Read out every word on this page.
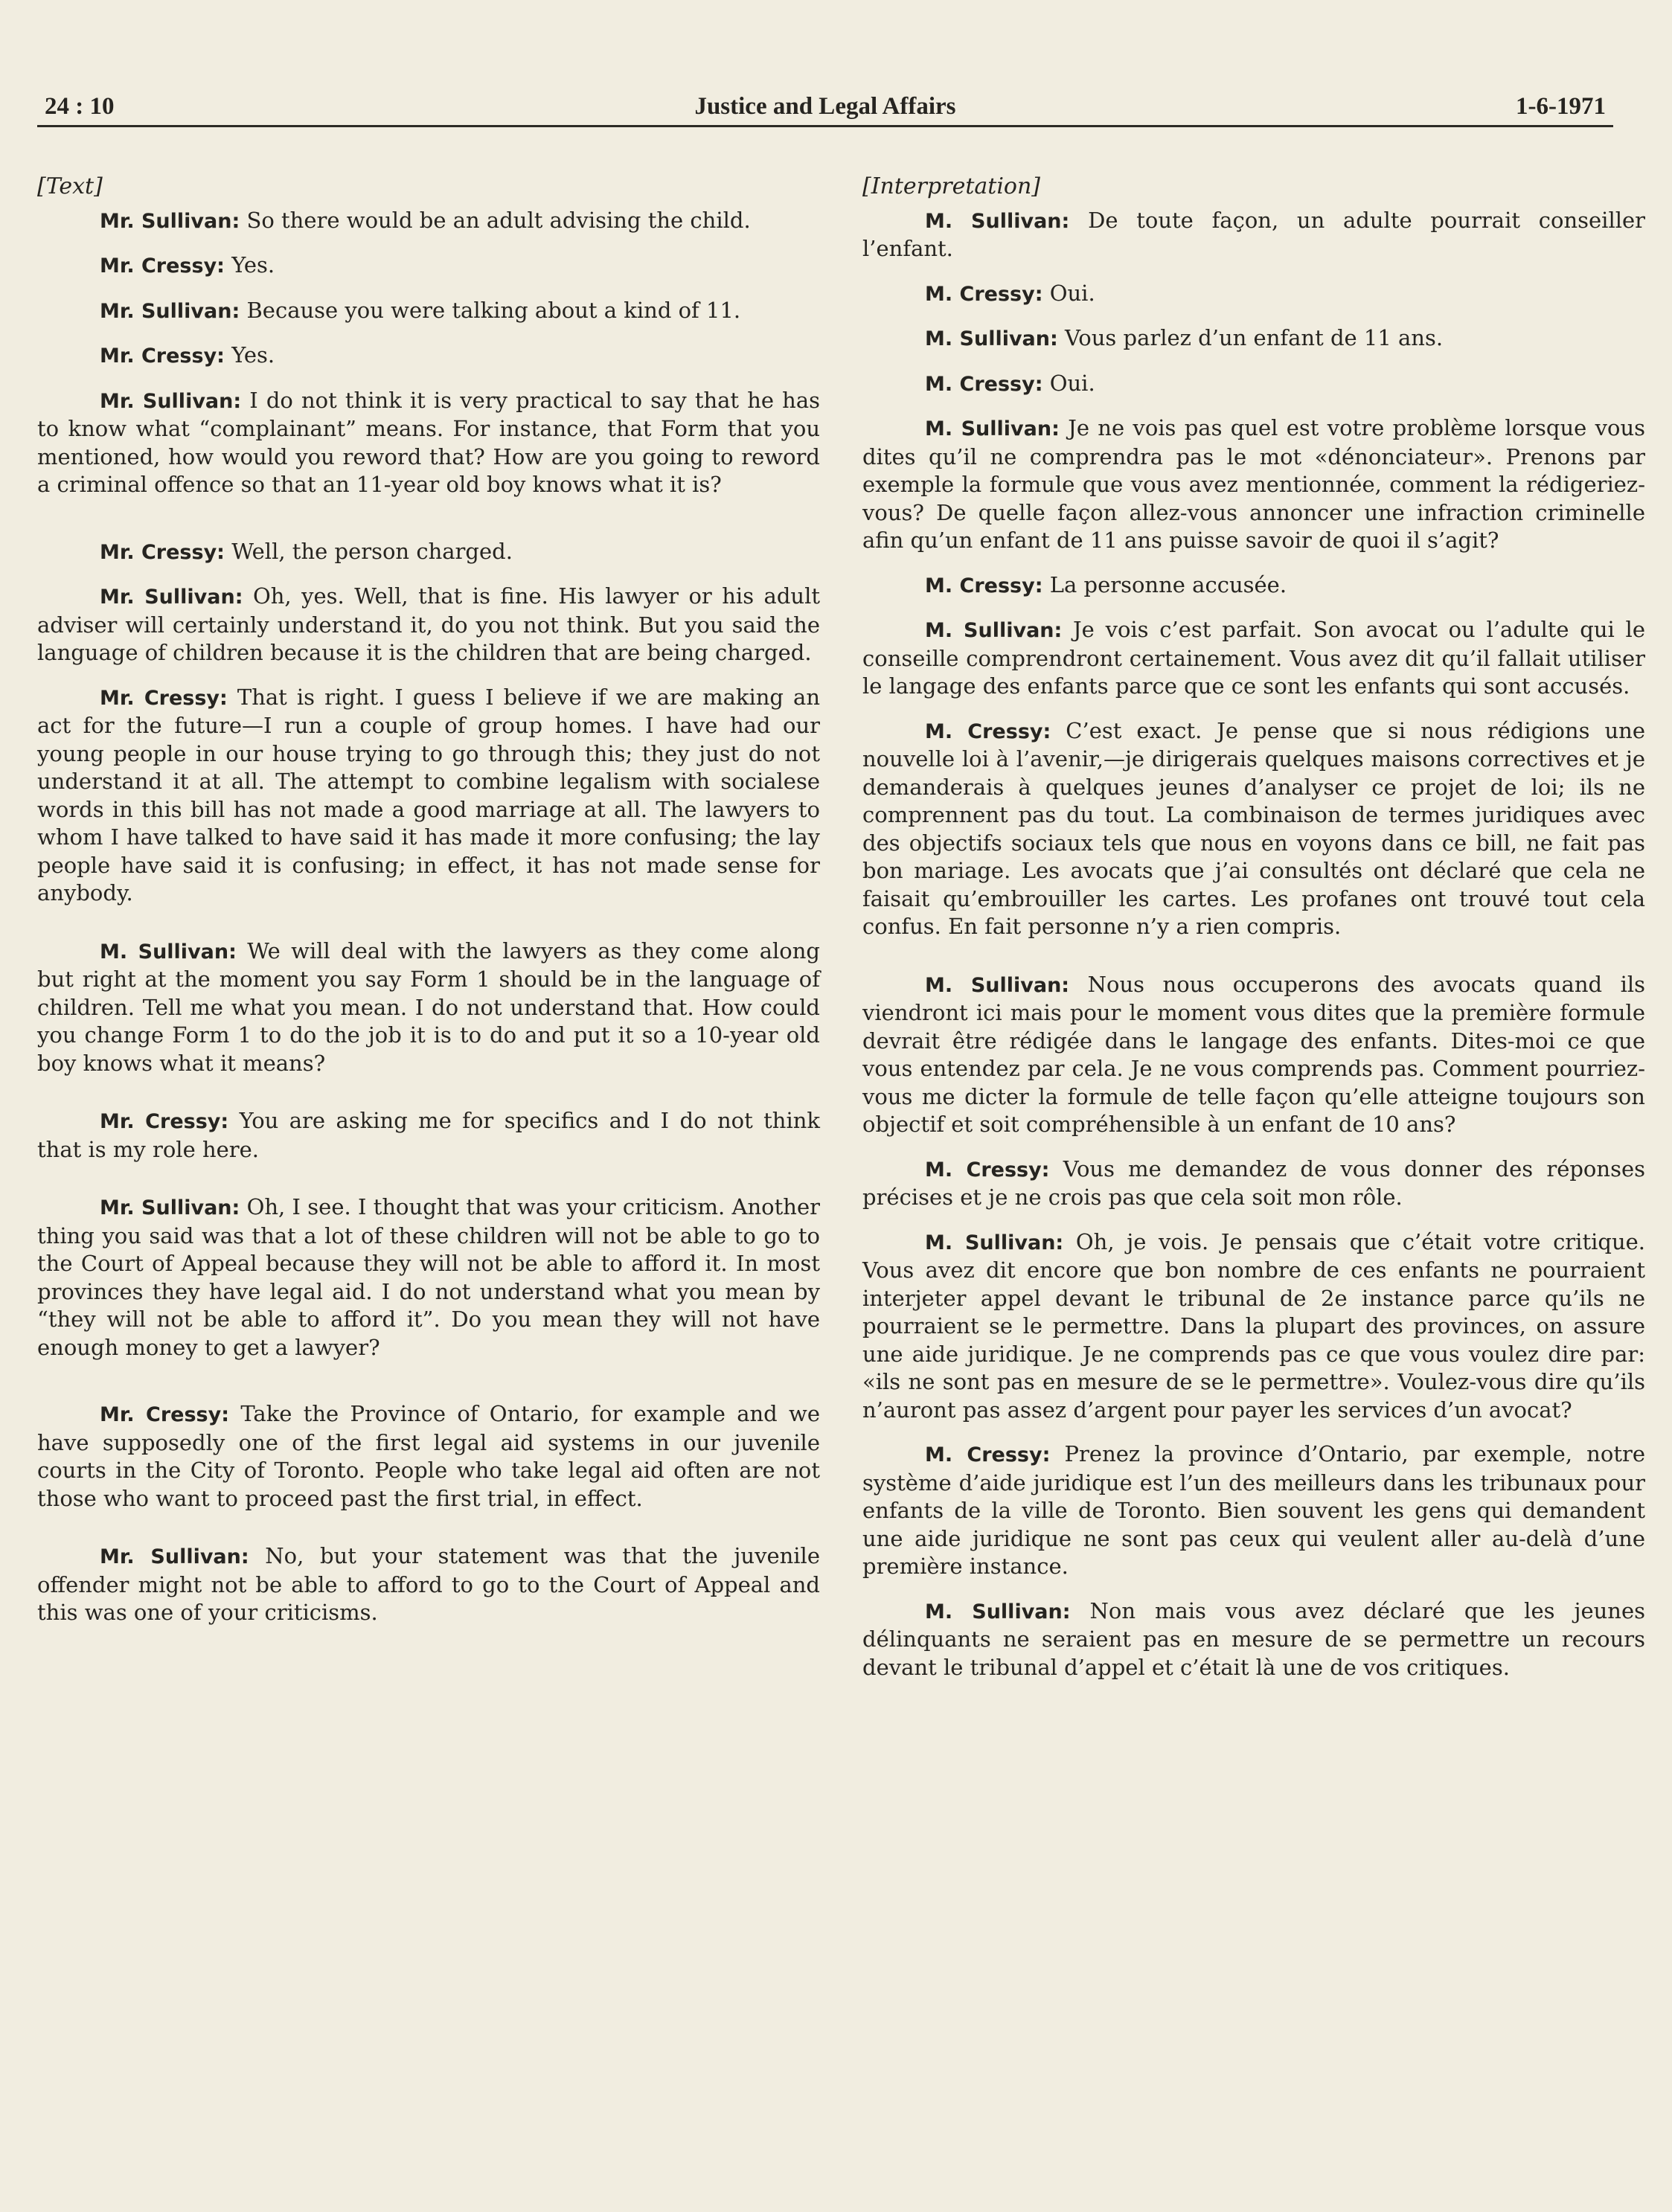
24 : 10	Justice and Legal Affairs	1-6-1971

[Text]

Mr. Sullivan: So there would be an adult advising the child.

Mr. Cressy: Yes.

Mr. Sullivan: Because you were talking about a kind of 11.

Mr. Cressy: Yes.

Mr. Sullivan: I do not think it is very practical to say that he has to know what “complainant” means. For instance, that Form that you mentioned, how would you reword that? How are you going to reword a criminal offence so that an 11-year old boy knows what it is?

Mr. Cressy: Well, the person charged.

Mr. Sullivan: Oh, yes. Well, that is fine. His lawyer or his adult adviser will certainly understand it, do you not think. But you said the language of children because it is the children that are being charged.

Mr. Cressy: That is right. I guess I believe if we are making an act for the future—I run a couple of group homes. I have had our young people in our house trying to go through this; they just do not understand it at all. The attempt to combine legalism with socialese words in this bill has not made a good marriage at all. The lawyers to whom I have talked to have said it has made it more confusing; the lay people have said it is confusing; in effect, it has not made sense for anybody.

M. Sullivan: We will deal with the lawyers as they come along but right at the moment you say Form 1 should be in the language of children. Tell me what you mean. I do not understand that. How could you change Form 1 to do the job it is to do and put it so a 10-year old boy knows what it means?

Mr. Cressy: You are asking me for specifics and I do not think that is my role here.

Mr. Sullivan: Oh, I see. I thought that was your criticism. Another thing you said was that a lot of these children will not be able to go to the Court of Appeal because they will not be able to afford it. In most provinces they have legal aid. I do not understand what you mean by “they will not be able to afford it”. Do you mean they will not have enough money to get a lawyer?

Mr. Cressy: Take the Province of Ontario, for example and we have supposedly one of the first legal aid systems in our juvenile courts in the City of Toronto. People who take legal aid often are not those who want to proceed past the first trial, in effect.

Mr. Sullivan: No, but your statement was that the juvenile offender might not be able to afford to go to the Court of Appeal and this was one of your criticisms.

[Interpretation]

M. Sullivan: De toute façon, un adulte pourrait conseiller l’enfant.

M. Cressy: Oui.

M. Sullivan: Vous parlez d’un enfant de 11 ans.

M. Cressy: Oui.

M. Sullivan: Je ne vois pas quel est votre problème lorsque vous dites qu’il ne comprendra pas le mot «dénonciateur». Prenons par exemple la formule que vous avez mentionnée, comment la rédigeriez-vous? De quelle façon allez-vous annoncer une infraction criminelle afin qu’un enfant de 11 ans puisse savoir de quoi il s’agit?

M. Cressy: La personne accusée.

M. Sullivan: Je vois c’est parfait. Son avocat ou l’adulte qui le conseille comprendront certainement. Vous avez dit qu’il fallait utiliser le langage des enfants parce que ce sont les enfants qui sont accusés.

M. Cressy: C’est exact. Je pense que si nous rédigions une nouvelle loi à l’avenir,—je dirigerais quelques maisons correctives et je demanderais à quelques jeunes d’analyser ce projet de loi; ils ne comprennent pas du tout. La combinaison de termes juridiques avec des objectifs sociaux tels que nous en voyons dans ce bill, ne fait pas bon mariage. Les avocats que j’ai consultés ont déclaré que cela ne faisait qu’embrouiller les cartes. Les profanes ont trouvé tout cela confus. En fait personne n’y a rien compris.

M. Sullivan: Nous nous occuperons des avocats quand ils viendront ici mais pour le moment vous dites que la première formule devrait être rédigée dans le langage des enfants. Dites-moi ce que vous entendez par cela. Je ne vous comprends pas. Comment pourriez-vous me dicter la formule de telle façon qu’elle atteigne toujours son objectif et soit compréhensible à un enfant de 10 ans?

M. Cressy: Vous me demandez de vous donner des réponses précises et je ne crois pas que cela soit mon rôle.

M. Sullivan: Oh, je vois. Je pensais que c’était votre critique. Vous avez dit encore que bon nombre de ces enfants ne pourraient interjeter appel devant le tribunal de 2e instance parce qu’ils ne pourraient se le permettre. Dans la plupart des provinces, on assure une aide juridique. Je ne comprends pas ce que vous voulez dire par: «ils ne sont pas en mesure de se le permettre». Voulez-vous dire qu’ils n’auront pas assez d’argent pour payer les services d’un avocat?

M. Cressy: Prenez la province d’Ontario, par exemple, notre système d’aide juridique est l’un des meilleurs dans les tribunaux pour enfants de la ville de Toronto. Bien souvent les gens qui demandent une aide juridique ne sont pas ceux qui veulent aller au-delà d’une première instance.

M. Sullivan: Non mais vous avez déclaré que les jeunes délinquants ne seraient pas en mesure de se permettre un recours devant le tribunal d’appel et c’était là une de vos critiques.
